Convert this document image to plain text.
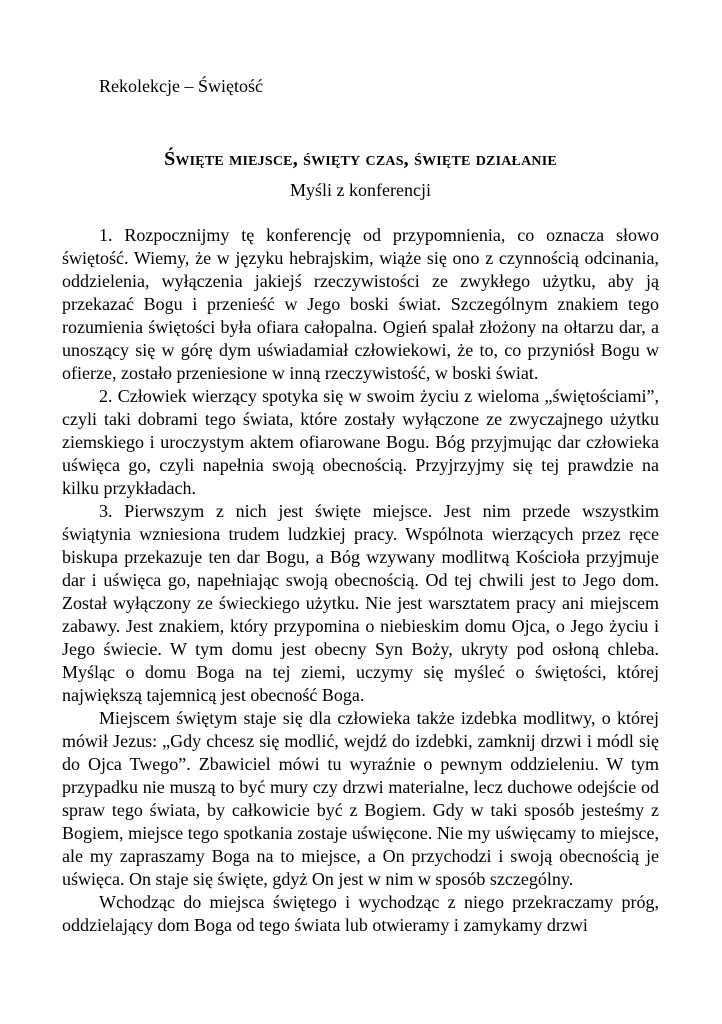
Rekolekcje – Świętość
Święte miejsce, święty czas, święte działanie
Myśli z konferencji

1. Rozpocznijmy tę konferencję od przypomnienia, co oznacza słowo świętość. Wiemy, że w języku hebrajskim, wiąże się ono z czynnością odcinania, oddzielenia, wyłączenia jakiejś rzeczywistości ze zwykłego użytku, aby ją przekazać Bogu i przenieść w Jego boski świat. Szczególnym znakiem tego rozumienia świętości była ofiara całopalna. Ogień spalał złożony na ołtarzu dar, a unoszący się w górę dym uświadamiał człowiekowi, że to, co przyniósł Bogu w ofierze, zostało przeniesione w inną rzeczywistość, w boski świat.

2. Człowiek wierzący spotyka się w swoim życiu z wieloma „świętościami”, czyli taki dobrami tego świata, które zostały wyłączone ze zwyczajnego użytku ziemskiego i uroczystym aktem ofiarowane Bogu. Bóg przyjmując dar człowieka uświęca go, czyli napełnia swoją obecnością. Przyjrzyjmy się tej prawdzie na kilku przykładach.

3. Pierwszym z nich jest święte miejsce. Jest nim przede wszystkim świątynia wzniesiona trudem ludzkiej pracy. Wspólnota wierzących przez ręce biskupa przekazuje ten dar Bogu, a Bóg wzywany modlitwą Kościoła przyjmuje dar i uświęca go, napełniając swoją obecnością. Od tej chwili jest to Jego dom. Został wyłączony ze świeckiego użytku. Nie jest warsztatem pracy ani miejscem zabawy. Jest znakiem, który przypomina o niebieskim domu Ojca, o Jego życiu i Jego świecie. W tym domu jest obecny Syn Boży, ukryty pod osłoną chleba. Myśląc o domu Boga na tej ziemi, uczymy się myśleć o świętości, której największą tajemnicą jest obecność Boga.

Miejscem świętym staje się dla człowieka także izdebka modlitwy, o której mówił Jezus: „Gdy chcesz się modlić, wejdź do izdebki, zamknij drzwi i módl się do Ojca Twego”. Zbawiciel mówi tu wyraźnie o pewnym oddzieleniu. W tym przypadku nie muszą to być mury czy drzwi materialne, lecz duchowe odejście od spraw tego świata, by całkowicie być z Bogiem. Gdy w taki sposób jesteśmy z Bogiem, miejsce tego spotkania zostaje uświęcone. Nie my uświęcamy to miejsce, ale my zapraszamy Boga na to miejsce, a On przychodzi i swoją obecnością je uświęca. On staje się święte, gdyż On jest w nim w sposób szczególny.

Wchodząc do miejsca świętego i wychodząc z niego przekraczamy próg, oddzielający dom Boga od tego świata lub otwieramy i zamykamy drzwi
